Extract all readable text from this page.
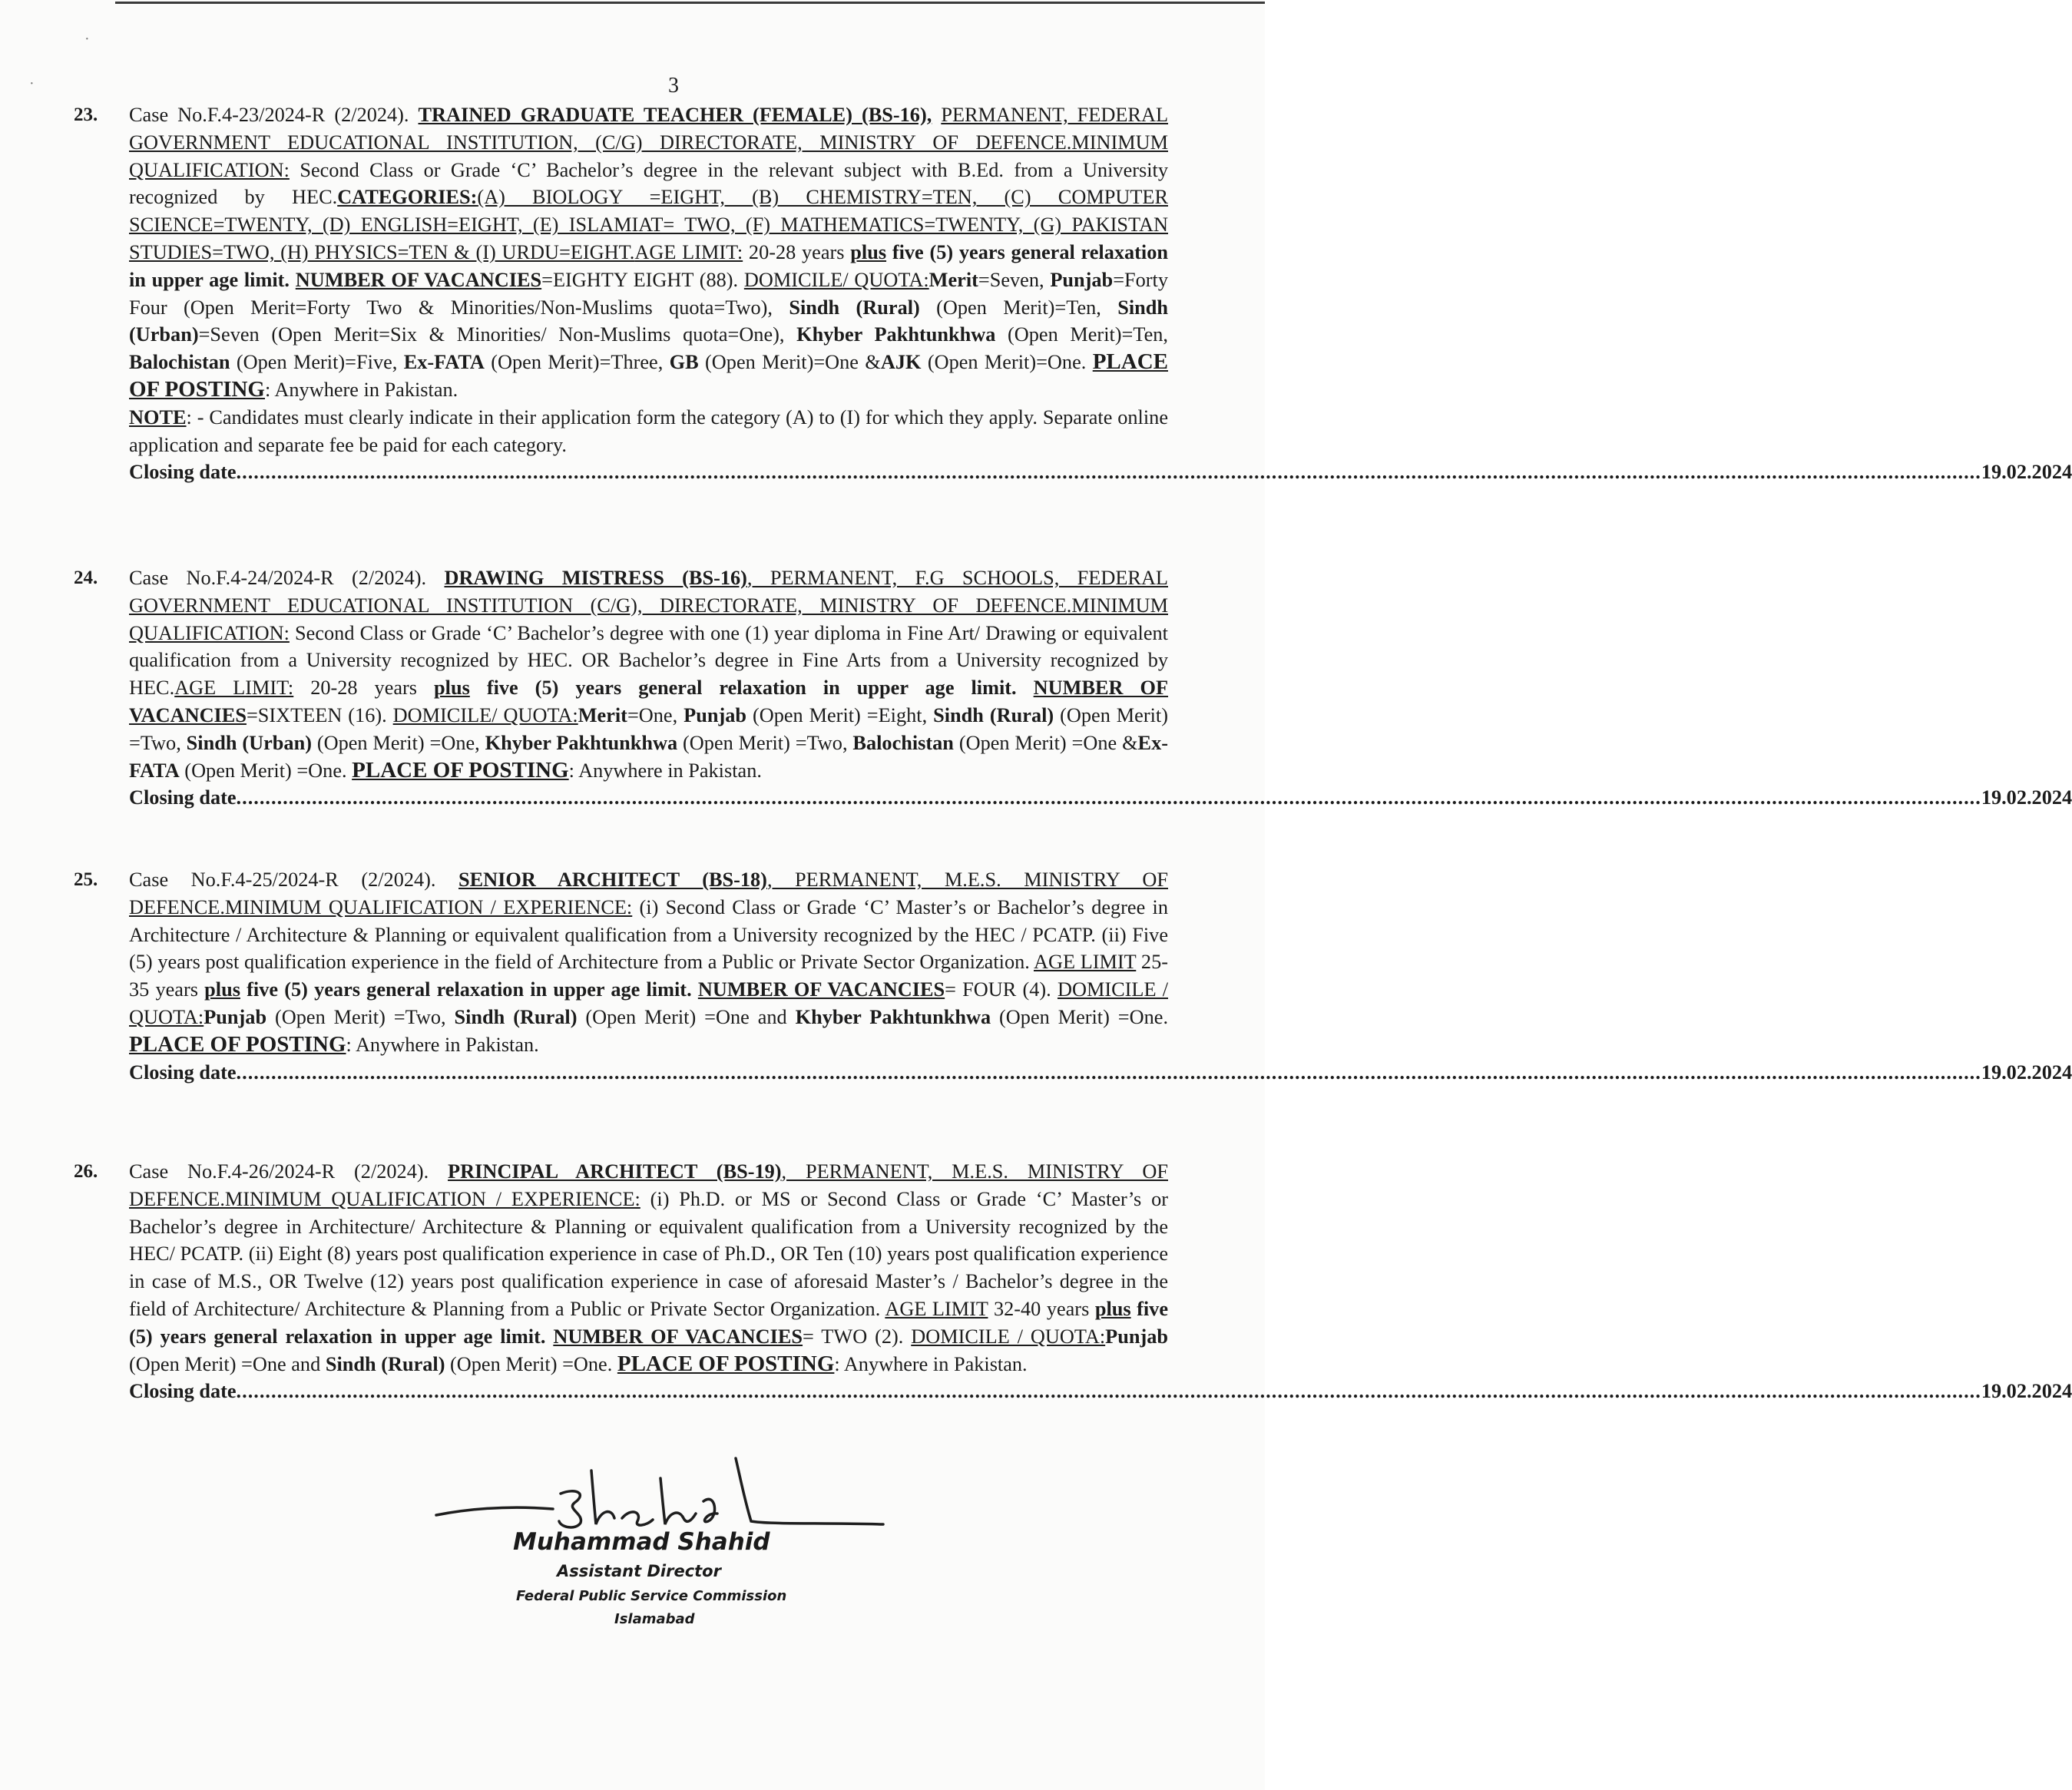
·
·	3
23. Case No.F.4-23/2024-R (2/2024). TRAINED GRADUATE TEACHER (FEMALE) (BS-16), PERMANENT, FEDERAL GOVERNMENT EDUCATIONAL INSTITUTION, (C/G) DIRECTORATE, MINISTRY OF DEFENCE.MINIMUM QUALIFICATION: Second Class or Grade ‘C’ Bachelor’s degree in the relevant subject with B.Ed. from a University recognized by HEC.CATEGORIES:(A) BIOLOGY =EIGHT, (B) CHEMISTRY=TEN, (C) COMPUTER SCIENCE=TWENTY, (D) ENGLISH=EIGHT, (E) ISLAMIAT= TWO, (F) MATHEMATICS=TWENTY, (G) PAKISTAN STUDIES=TWO, (H) PHYSICS=TEN & (I) URDU=EIGHT.AGE LIMIT: 20-28 years plus five (5) years general relaxation in upper age limit. NUMBER OF VACANCIES=EIGHTY EIGHT (88). DOMICILE/ QUOTA:Merit=Seven, Punjab=Forty Four (Open Merit=Forty Two & Minorities/Non-Muslims quota=Two), Sindh (Rural) (Open Merit)=Ten, Sindh (Urban)=Seven (Open Merit=Six & Minorities/ Non-Muslims quota=One), Khyber Pakhtunkhwa (Open Merit)=Ten, Balochistan (Open Merit)=Five, Ex-FATA (Open Merit)=Three, GB (Open Merit)=One &AJK (Open Merit)=One. PLACE OF POSTING: Anywhere in Pakistan.
NOTE: - Candidates must clearly indicate in their application form the category (A) to (I) for which they apply. Separate online application and separate fee be paid for each category.
Closing date ............................................................................................................................................................................................................................................................................................................ 19.02.2024
24. Case No.F.4-24/2024-R (2/2024). DRAWING MISTRESS (BS-16), PERMANENT, F.G SCHOOLS, FEDERAL GOVERNMENT EDUCATIONAL INSTITUTION (C/G), DIRECTORATE, MINISTRY OF DEFENCE.MINIMUM QUALIFICATION: Second Class or Grade ‘C’ Bachelor’s degree with one (1) year diploma in Fine Art/ Drawing or equivalent qualification from a University recognized by HEC. OR Bachelor’s degree in Fine Arts from a University recognized by HEC.AGE LIMIT: 20-28 years plus five (5) years general relaxation in upper age limit. NUMBER OF VACANCIES=SIXTEEN (16). DOMICILE/ QUOTA:Merit=One, Punjab (Open Merit) =Eight, Sindh (Rural) (Open Merit) =Two, Sindh (Urban) (Open Merit) =One, Khyber Pakhtunkhwa (Open Merit) =Two, Balochistan (Open Merit) =One &Ex-FATA (Open Merit) =One. PLACE OF POSTING: Anywhere in Pakistan.
Closing date ............................................................................................................................................................................................................................................................................................................ 19.02.2024
25. Case No.F.4-25/2024-R (2/2024). SENIOR ARCHITECT (BS-18), PERMANENT, M.E.S. MINISTRY OF DEFENCE.MINIMUM QUALIFICATION / EXPERIENCE: (i) Second Class or Grade ‘C’ Master’s or Bachelor’s degree in Architecture / Architecture & Planning or equivalent qualification from a University recognized by the HEC / PCATP. (ii) Five (5) years post qualification experience in the field of Architecture from a Public or Private Sector Organization. AGE LIMIT 25-35 years plus five (5) years general relaxation in upper age limit. NUMBER OF VACANCIES= FOUR (4). DOMICILE / QUOTA:Punjab (Open Merit) =Two, Sindh (Rural) (Open Merit) =One and Khyber Pakhtunkhwa (Open Merit) =One. PLACE OF POSTING: Anywhere in Pakistan.
Closing date ............................................................................................................................................................................................................................................................................................................ 19.02.2024
26. Case No.F.4-26/2024-R (2/2024). PRINCIPAL ARCHITECT (BS-19), PERMANENT, M.E.S. MINISTRY OF DEFENCE.MINIMUM QUALIFICATION / EXPERIENCE: (i) Ph.D. or MS or Second Class or Grade ‘C’ Master’s or Bachelor’s degree in Architecture/ Architecture & Planning or equivalent qualification from a University recognized by the HEC/ PCATP. (ii) Eight (8) years post qualification experience in case of Ph.D., OR Ten (10) years post qualification experience in case of M.S., OR Twelve (12) years post qualification experience in case of aforesaid Master’s / Bachelor’s degree in the field of Architecture/ Architecture & Planning from a Public or Private Sector Organization. AGE LIMIT 32-40 years plus five (5) years general relaxation in upper age limit. NUMBER OF VACANCIES= TWO (2). DOMICILE / QUOTA:Punjab (Open Merit) =One and Sindh (Rural) (Open Merit) =One. PLACE OF POSTING: Anywhere in Pakistan.
Closing date ............................................................................................................................................................................................................................................................................................................ 19.02.2024
Muhammad Shahid
Assistant Director
Federal Public Service Commission
Islamabad
